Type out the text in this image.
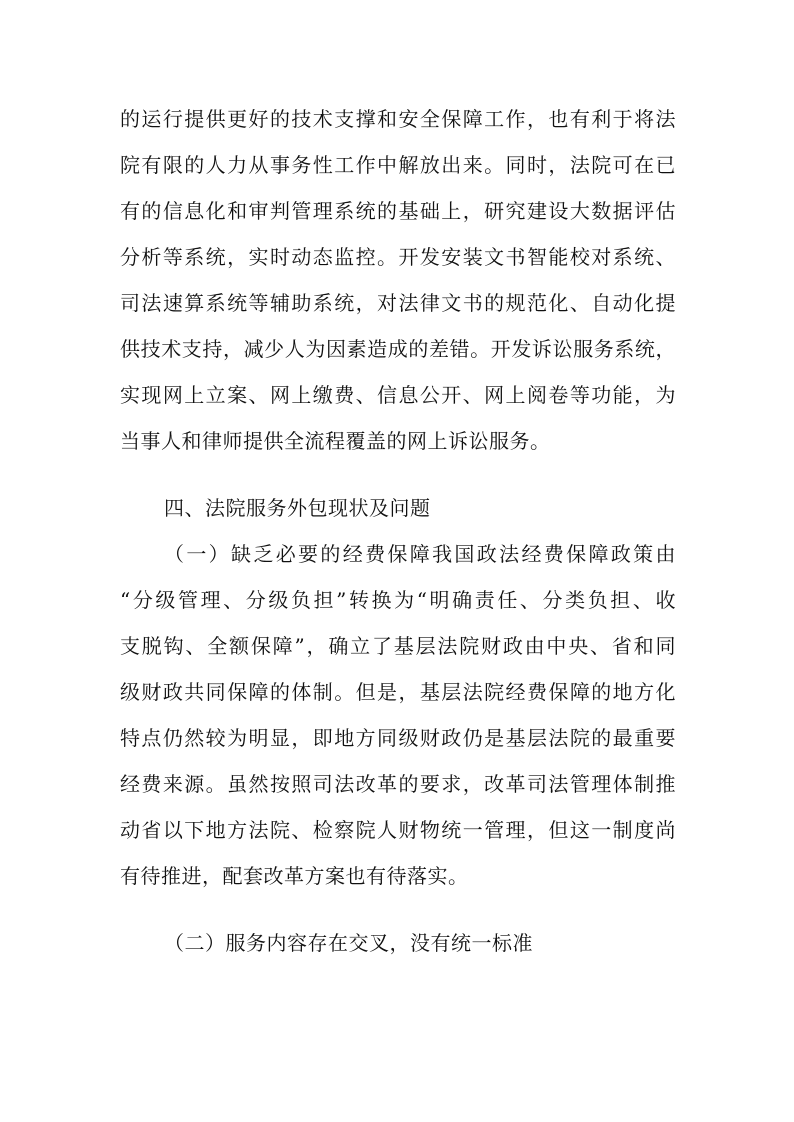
的运行提供更好的技术支撑和安全保障工作，也有利于将法
院有限的人力从事务性工作中解放出来。同时，法院可在已
有的信息化和审判管理系统的基础上，研究建设大数据评估
分析等系统，实时动态监控。开发安装文书智能校对系统、
司法速算系统等辅助系统，对法律文书的规范化、自动化提
供技术支持，减少人为因素造成的差错。开发诉讼服务系统，
实现网上立案、网上缴费、信息公开、网上阅卷等功能，为
当事人和律师提供全流程覆盖的网上诉讼服务。
四、法院服务外包现状及问题
（一）缺乏必要的经费保障我国政法经费保障政策由
“分级管理、分级负担”转换为“明确责任、分类负担、收
支脱钩、全额保障”，确立了基层法院财政由中央、省和同
级财政共同保障的体制。但是，基层法院经费保障的地方化
特点仍然较为明显，即地方同级财政仍是基层法院的最重要
经费来源。虽然按照司法改革的要求，改革司法管理体制推
动省以下地方法院、检察院人财物统一管理，但这一制度尚
有待推进，配套改革方案也有待落实。
（二）服务内容存在交叉，没有统一标准
